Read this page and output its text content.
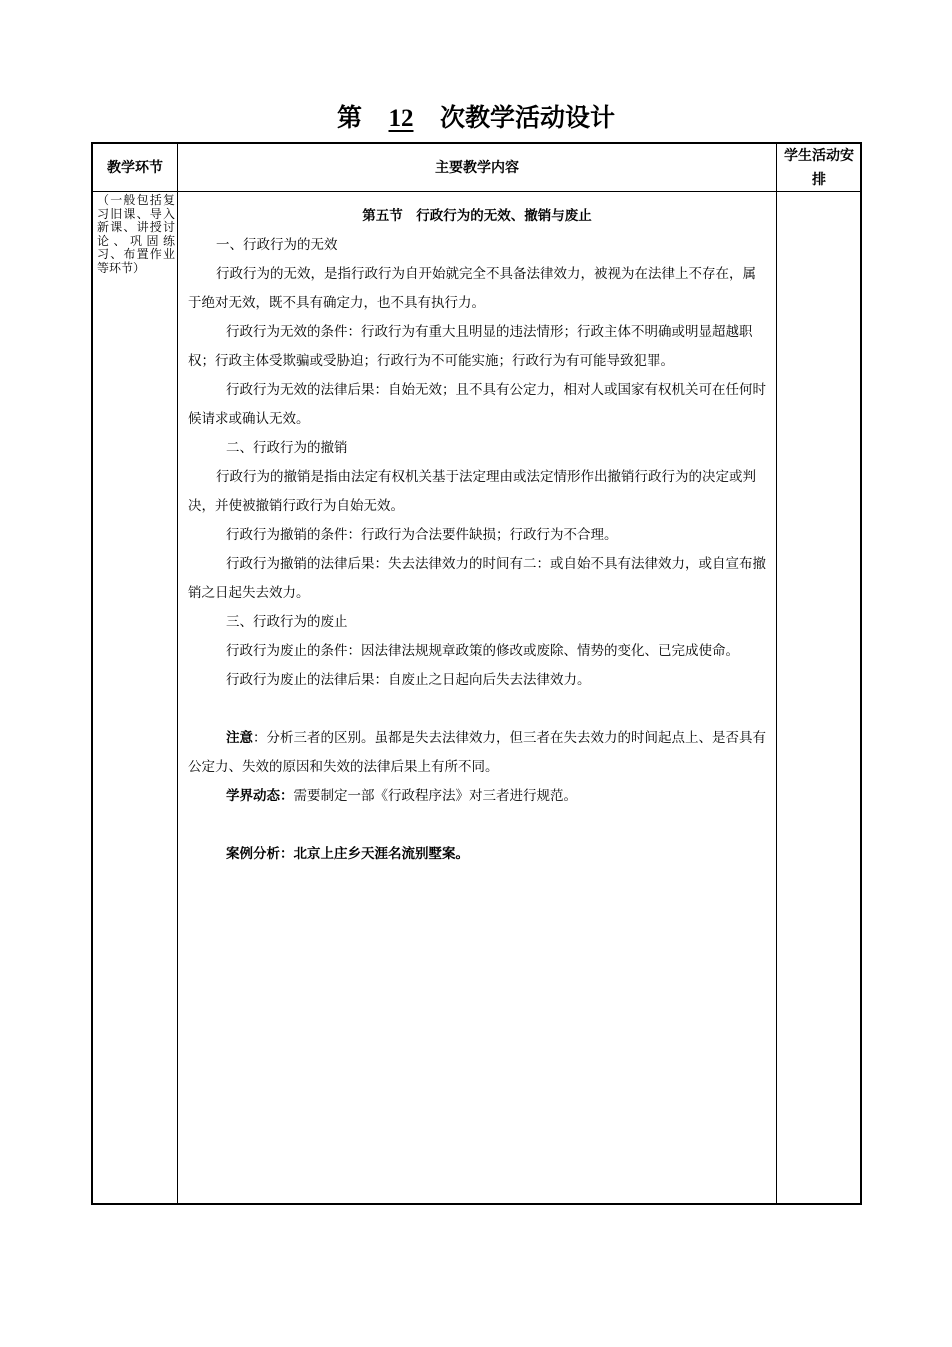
第 12 次教学活动设计
教学环节	主要教学内容
学生活动安排
（一般包括复习旧课、导入新课、讲授讨论、巩固练习、布置作业等环节）

第五节　行政行为的无效、撤销与废止

一、行政行为的无效

行政行为的无效，是指行政行为自开始就完全不具备法律效力，被视为在法律上不存在，属于绝对无效，既不具有确定力，也不具有执行力。

行政行为无效的条件：行政行为有重大且明显的违法情形；行政主体不明确或明显超越职权；行政主体受欺骗或受胁迫；行政行为不可能实施；行政行为有可能导致犯罪。

行政行为无效的法律后果：自始无效；且不具有公定力，相对人或国家有权机关可在任何时候请求或确认无效。

二、行政行为的撤销

行政行为的撤销是指由法定有权机关基于法定理由或法定情形作出撤销行政行为的决定或判决，并使被撤销行政行为自始无效。

行政行为撤销的条件：行政行为合法要件缺损；行政行为不合理。

行政行为撤销的法律后果：失去法律效力的时间有二：或自始不具有法律效力，或自宣布撤销之日起失去效力。

三、行政行为的废止

行政行为废止的条件：因法律法规规章政策的修改或废除、情势的变化、已完成使命。

行政行为废止的法律后果：自废止之日起向后失去法律效力。

注意：分析三者的区别。虽都是失去法律效力，但三者在失去效力的时间起点上、是否具有公定力、失效的原因和失效的法律后果上有所不同。

学界动态：需要制定一部《行政程序法》对三者进行规范。

案例分析：北京上庄乡天涯名流别墅案。
